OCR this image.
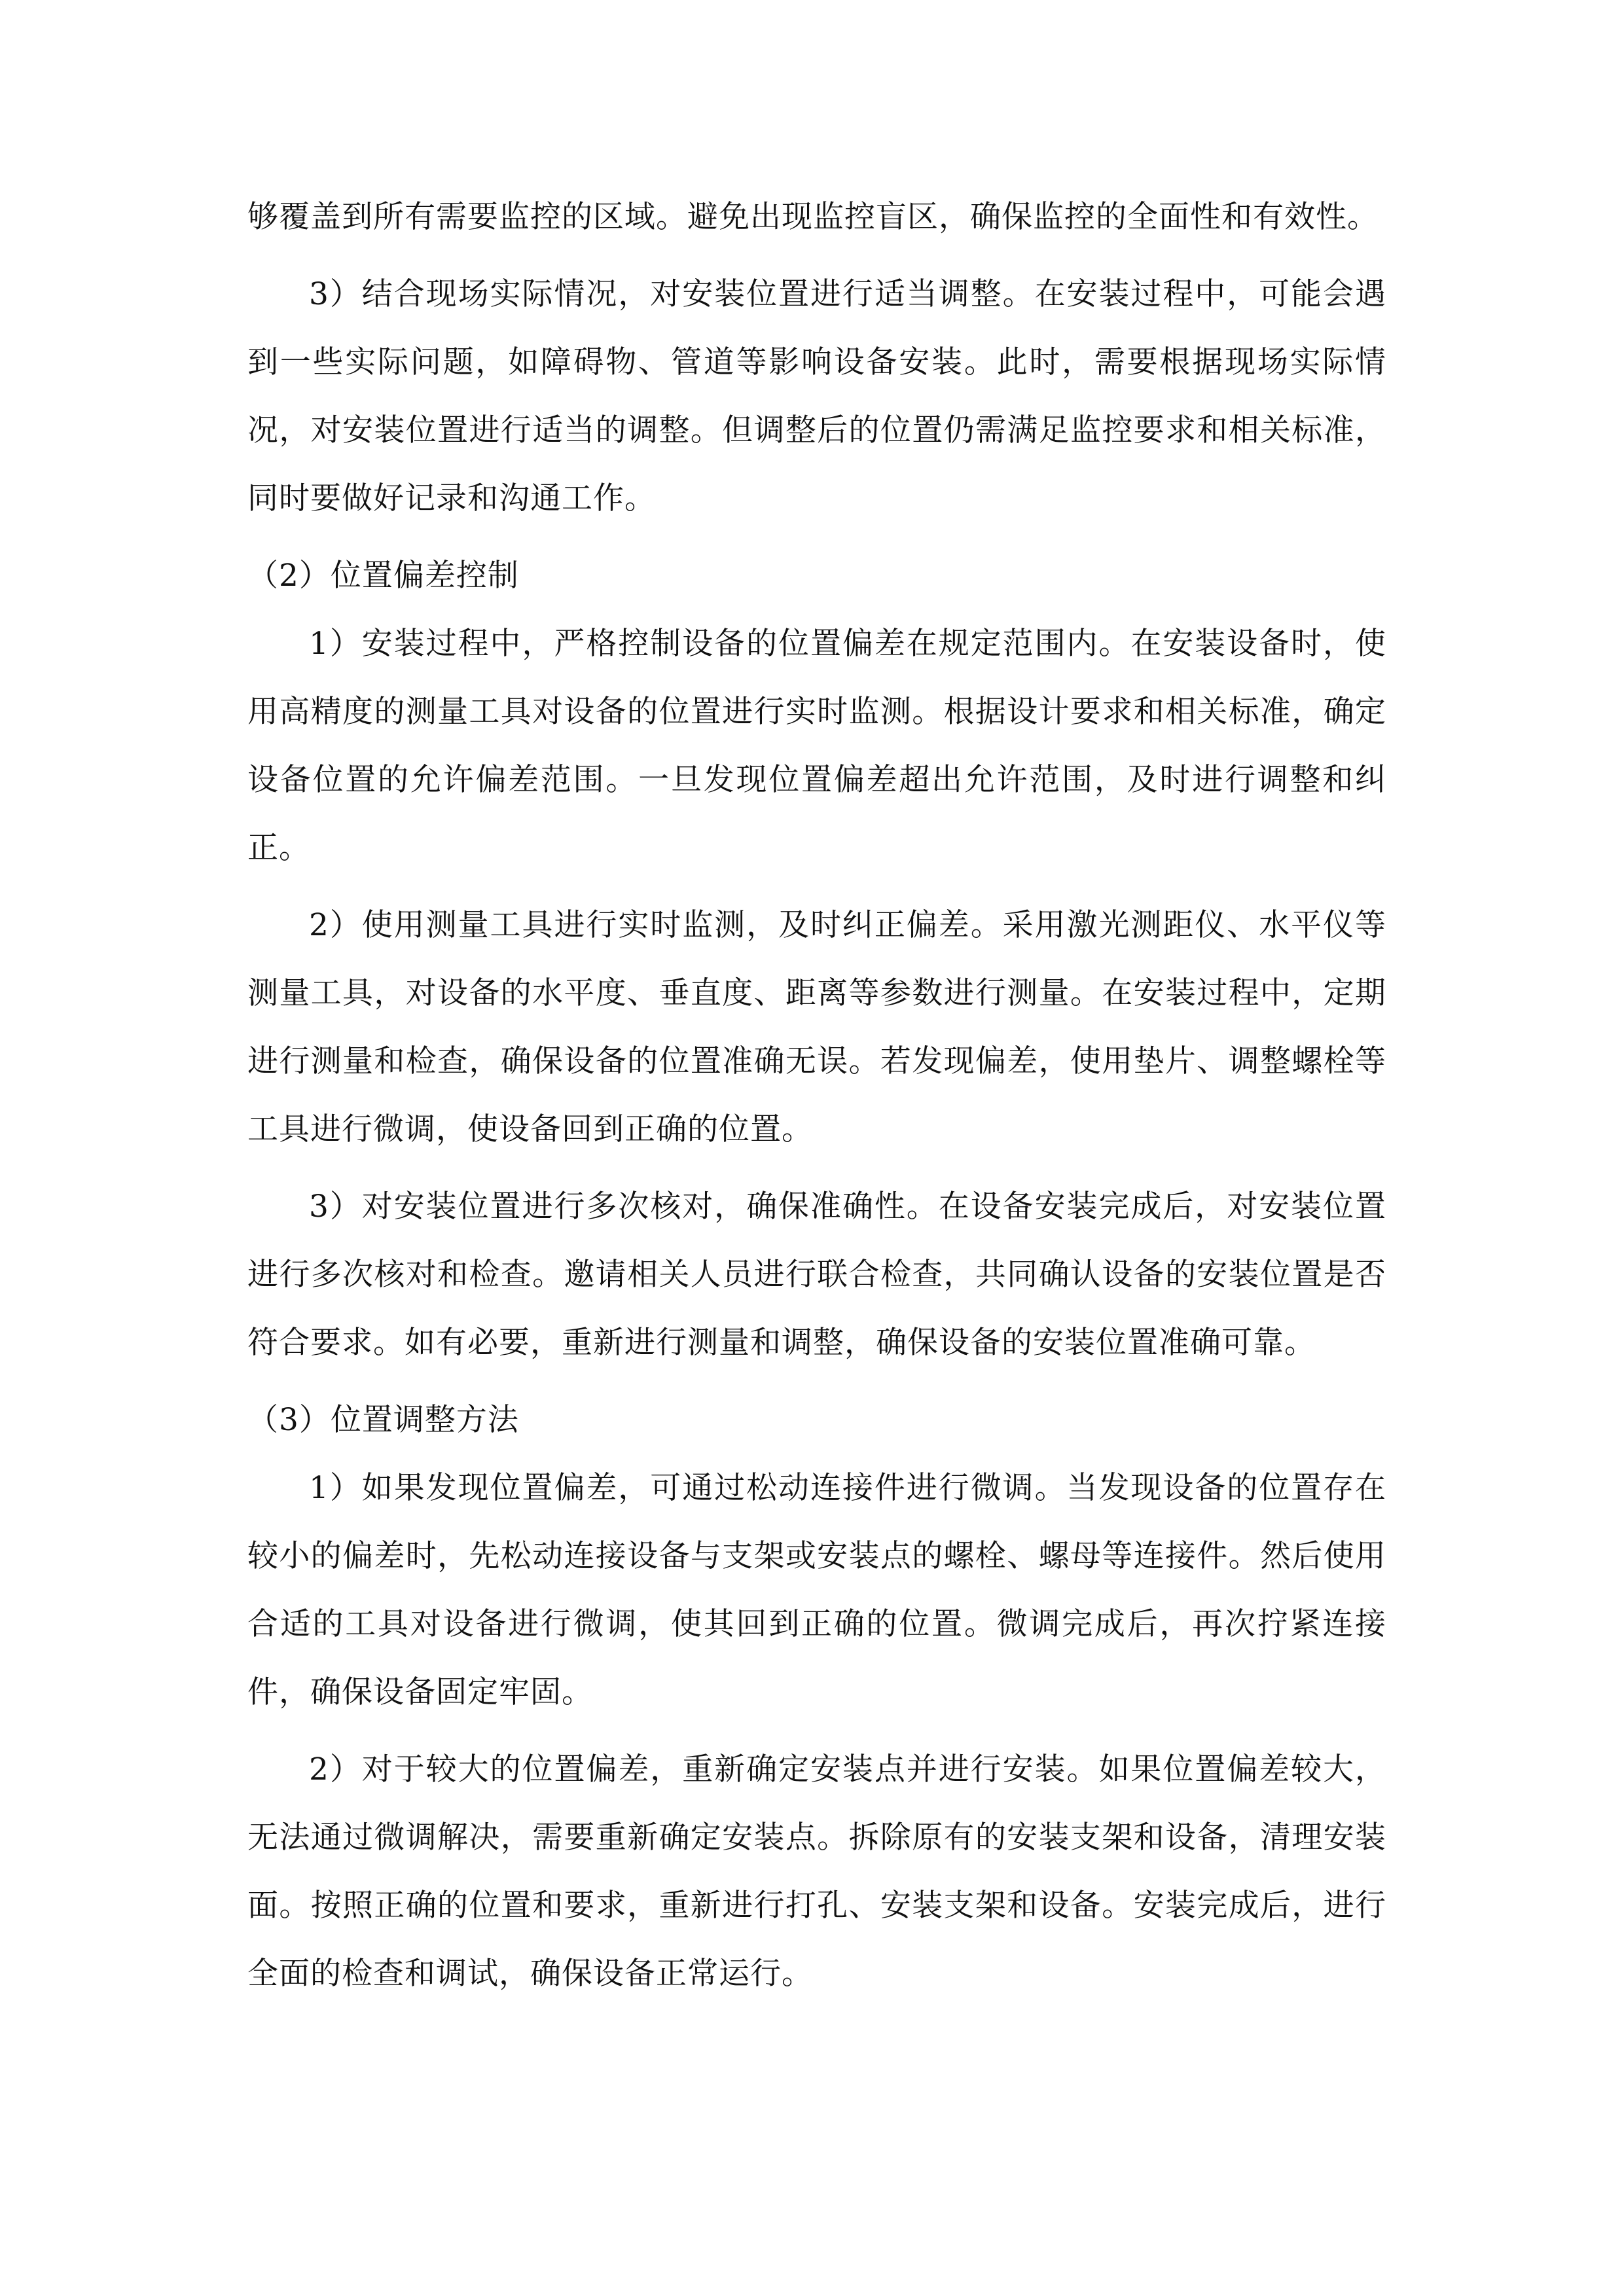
够覆盖到所有需要监控的区域。避免出现监控盲区，确保监控的全面性和有效性。

3）结合现场实际情况，对安装位置进行适当调整。在安装过程中，可能会遇到一些实际问题，如障碍物、管道等影响设备安装。此时，需要根据现场实际情况，对安装位置进行适当的调整。但调整后的位置仍需满足监控要求和相关标准，同时要做好记录和沟通工作。

（2）位置偏差控制

1）安装过程中，严格控制设备的位置偏差在规定范围内。在安装设备时，使用高精度的测量工具对设备的位置进行实时监测。根据设计要求和相关标准，确定设备位置的允许偏差范围。一旦发现位置偏差超出允许范围，及时进行调整和纠正。

2）使用测量工具进行实时监测，及时纠正偏差。采用激光测距仪、水平仪等测量工具，对设备的水平度、垂直度、距离等参数进行测量。在安装过程中，定期进行测量和检查，确保设备的位置准确无误。若发现偏差，使用垫片、调整螺栓等工具进行微调，使设备回到正确的位置。

3）对安装位置进行多次核对，确保准确性。在设备安装完成后，对安装位置进行多次核对和检查。邀请相关人员进行联合检查，共同确认设备的安装位置是否符合要求。如有必要，重新进行测量和调整，确保设备的安装位置准确可靠。

（3）位置调整方法

1）如果发现位置偏差，可通过松动连接件进行微调。当发现设备的位置存在较小的偏差时，先松动连接设备与支架或安装点的螺栓、螺母等连接件。然后使用合适的工具对设备进行微调，使其回到正确的位置。微调完成后，再次拧紧连接件，确保设备固定牢固。

2）对于较大的位置偏差，重新确定安装点并进行安装。如果位置偏差较大，无法通过微调解决，需要重新确定安装点。拆除原有的安装支架和设备，清理安装面。按照正确的位置和要求，重新进行打孔、安装支架和设备。安装完成后，进行全面的检查和调试，确保设备正常运行。
